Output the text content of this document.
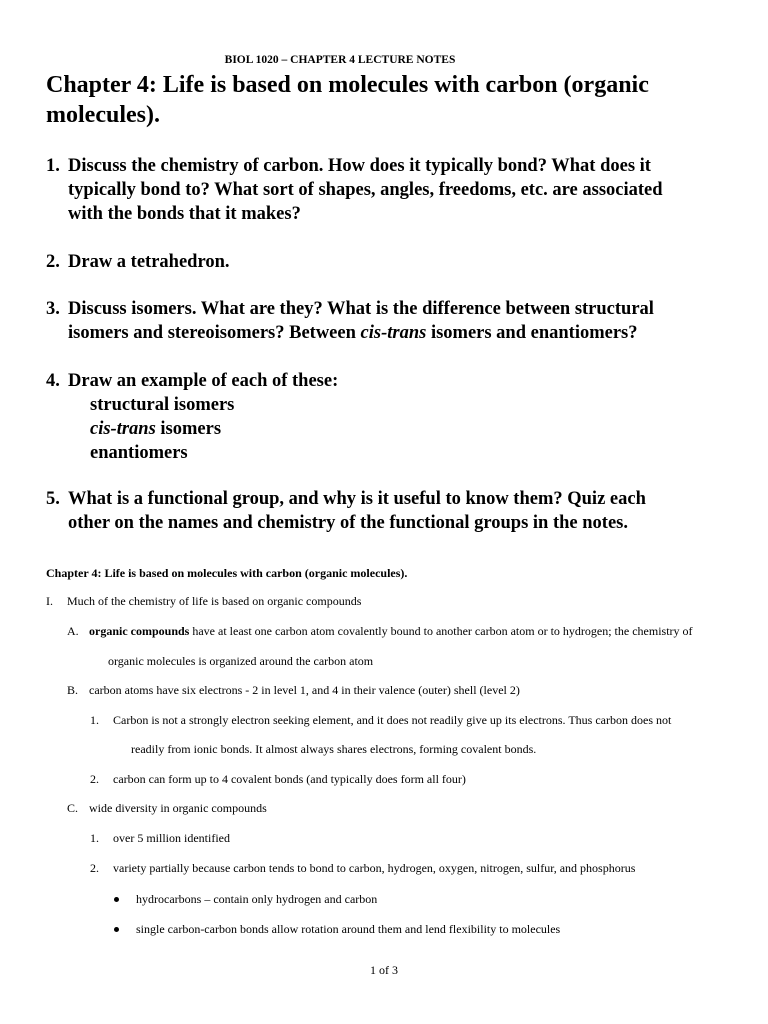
BIOL 1020 – CHAPTER 4 LECTURE NOTES
Chapter 4: Life is based on molecules with carbon (organic molecules).
1. Discuss the chemistry of carbon. How does it typically bond? What does it
typically bond to? What sort of shapes, angles, freedoms, etc. are associated
with the bonds that it makes?
2. Draw a tetrahedron.
3. Discuss isomers. What are they? What is the difference between structural
isomers and stereoisomers? Between cis-trans isomers and enantiomers?
4. Draw an example of each of these:
structural isomers
cis-trans isomers
enantiomers
5. What is a functional group, and why is it useful to know them? Quiz each
other on the names and chemistry of the functional groups in the notes.
Chapter 4: Life is based on molecules with carbon (organic molecules).
I. Much of the chemistry of life is based on organic compounds
A. organic compounds have at least one carbon atom covalently bound to another carbon atom or to hydrogen; the chemistry of
organic molecules is organized around the carbon atom
B. carbon atoms have six electrons - 2 in level 1, and 4 in their valence (outer) shell (level 2)
1. Carbon is not a strongly electron seeking element, and it does not readily give up its electrons. Thus carbon does not
readily from ionic bonds. It almost always shares electrons, forming covalent bonds.
2. carbon can form up to 4 covalent bonds (and typically does form all four)
C. wide diversity in organic compounds
1. over 5 million identified
2. variety partially because carbon tends to bond to carbon, hydrogen, oxygen, nitrogen, sulfur, and phosphorus
hydrocarbons – contain only hydrogen and carbon
single carbon-carbon bonds allow rotation around them and lend flexibility to molecules
1 of 3
